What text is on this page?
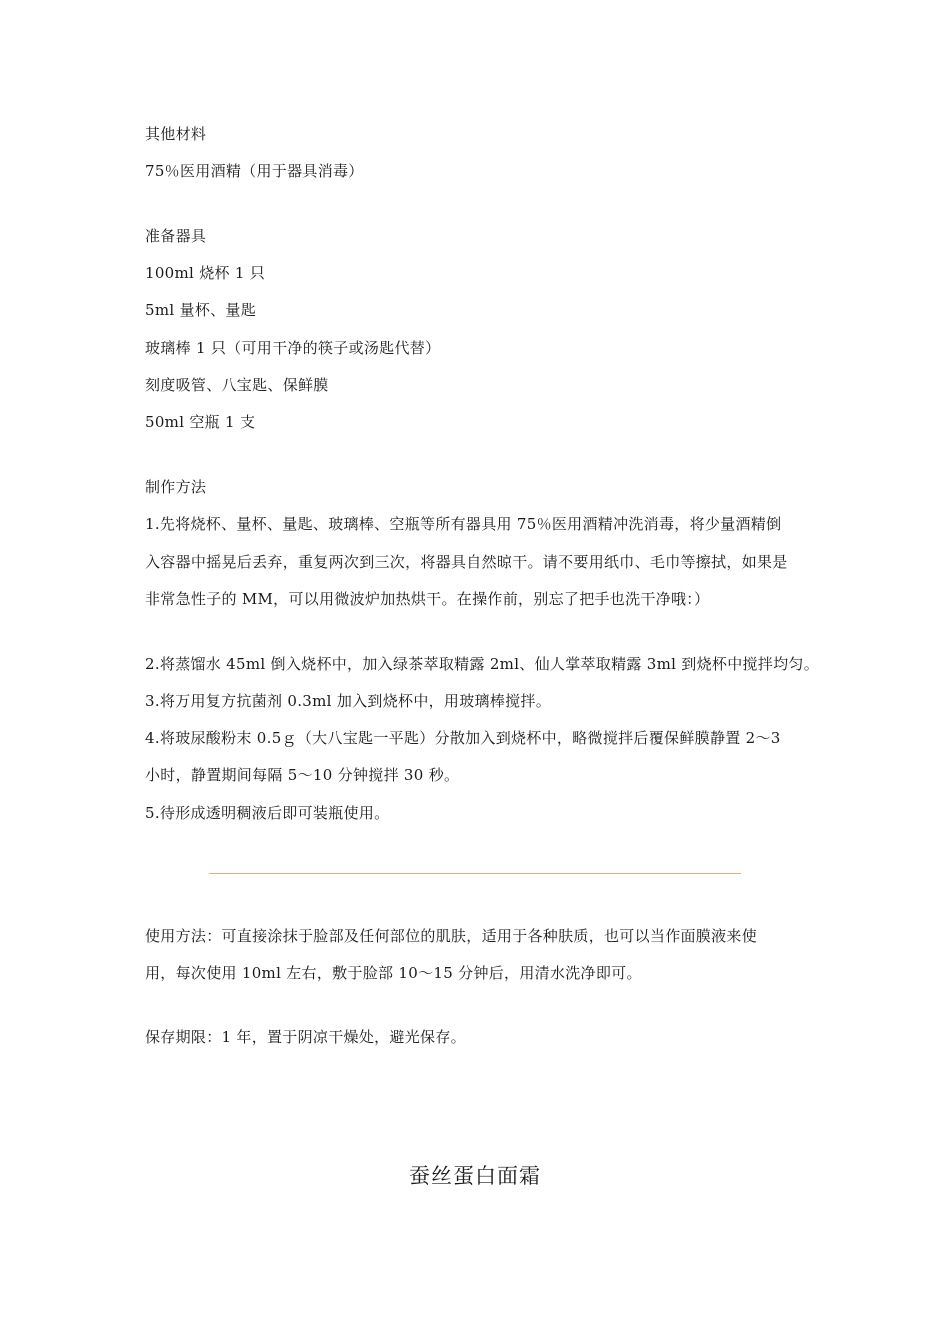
其他材料
75％医用酒精（用于器具消毒）
准备器具
100ml 烧杯 1 只
5ml 量杯、量匙
玻璃棒 1 只（可用干净的筷子或汤匙代替）
刻度吸管、八宝匙、保鲜膜
50ml 空瓶 1 支
制作方法
1.先将烧杯、量杯、量匙、玻璃棒、空瓶等所有器具用 75％医用酒精冲洗消毒，将少量酒精倒
入容器中摇晃后丢弃，重复两次到三次，将器具自然晾干。请不要用纸巾、毛巾等擦拭，如果是
非常急性子的 MM，可以用微波炉加热烘干。在操作前，别忘了把手也洗干净哦：）
2.将蒸馏水 45ml 倒入烧杯中，加入绿茶萃取精露 2ml、仙人掌萃取精露 3ml 到烧杯中搅拌均匀。
3.将万用复方抗菌剂 0.3ml 加入到烧杯中，用玻璃棒搅拌。
4.将玻尿酸粉末 0.5ｇ（大八宝匙一平匙）分散加入到烧杯中，略微搅拌后覆保鲜膜静置 2～3
小时，静置期间每隔 5～10 分钟搅拌 30 秒。
5.待形成透明稠液后即可装瓶使用。
使用方法：可直接涂抹于脸部及任何部位的肌肤，适用于各种肤质，也可以当作面膜液来使
用，每次使用 10ml 左右，敷于脸部 10～15 分钟后，用清水洗净即可。
保存期限：1 年，置于阴凉干燥处，避光保存。
蚕丝蛋白面霜
